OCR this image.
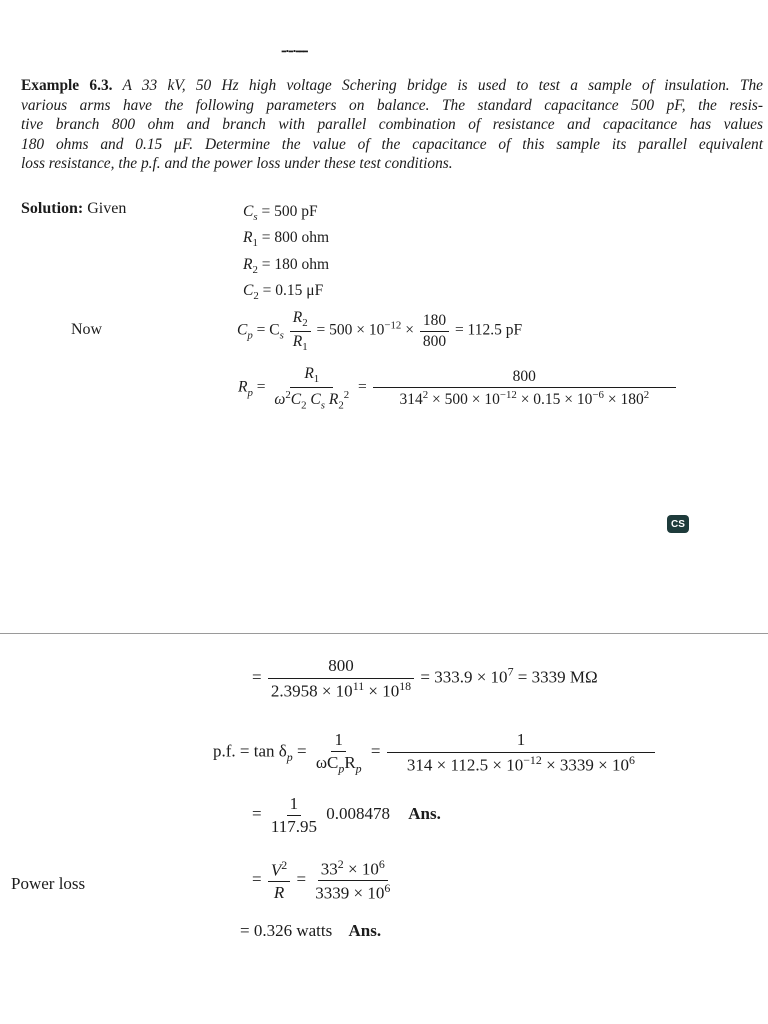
ـــ.ـ.ـ
Example 6.3. A 33 kV, 50 Hz high voltage Schering bridge is used to test a sample of insulation. The
various arms have the following parameters on balance. The standard capacitance 500 pF, the resis-
tive branch 800 ohm and branch with parallel combination of resistance and capacitance has values
180 ohms and 0.15 μF. Determine the value of the capacitance of this sample its parallel equivalent
loss resistance, the p.f. and the power loss under these test conditions.
Solution: Given	$C_s = 500$ pF
$R_1 = 800$ ohm
$R_2 = 180$ ohm
$C_2 = 0.15$ μF
Now	$C_p = C_s \frac{R_2}{R_1} = 500 \times 10^{-12} \times \frac{180}{800} = 112.5$ pF
$R_p = \frac{R_1}{\omega^2C_2 C_s R_2^2} = \frac{800}{314^2 \times 500 \times 10^{-12} \times 0.15 \times 10^{-6} \times 180^2}$
CS
= $\frac{800}{2.3958 \times 10^{11} \times 10^{18}} = 333.9 \times 10^7 = 3339$ MΩ
p.f. = $\tan \delta_p = \frac{1}{\omega C_pR_p} = \frac{1}{314 \times 112.5 \times 10^{-12} \times 3339 \times 10^6}$
= $\frac{1}{117.95} 0.008478$ Ans.
Power loss	= $\frac{V^2}{R} = \frac{33^2 \times 10^6}{3339 \times 10^6}$
= 0.326 watts Ans.
